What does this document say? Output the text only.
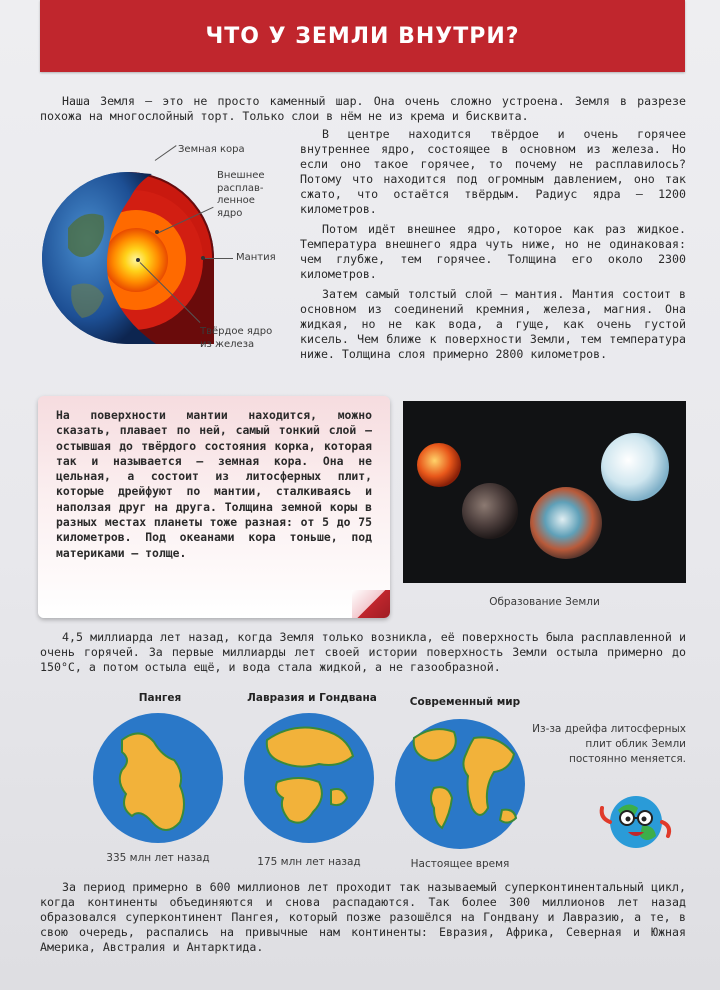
ЧТО У ЗЕМЛИ ВНУТРИ?

Наша Земля — это не просто каменный шар. Она очень сложно устроена. Земля в разрезе похожа на многослойный торт. Только слои в нём не из крема и бисквита.

Земная кора
Внешнее
расплав-
ленное
ядро
Мантия
Твёрдое ядро
из железа

В центре находится твёрдое и очень горячее внутреннее ядро, состоящее в основном из железа. Но если оно такое горячее, то почему не расплавилось? Потому что находится под огромным давлением, оно так сжато, что остаётся твёрдым. Радиус ядра — 1200 километров.

Потом идёт внешнее ядро, которое как раз жидкое. Температура внешнего ядра чуть ниже, но не одинаковая: чем глубже, тем горячее. Толщина его около 2300 километров.

Затем самый толстый слой — мантия. Мантия состоит в основном из соединений кремния, железа, магния. Она жидкая, но не как вода, а гуще, как очень густой кисель. Чем ближе к поверхности Земли, тем температура ниже. Толщина слоя примерно 2800 километров.

На поверхности мантии находится, можно сказать, плавает по ней, самый тонкий слой — остывшая до твёрдого состояния корка, которая так и называется — земная кора. Она не цельная, а состоит из литосферных плит, которые дрейфуют по мантии, сталкиваясь и наползая друг на друга. Толщина земной коры в разных местах планеты тоже разная: от 5 до 75 километров. Под океанами кора тоньше, под материками — толще.

Образование Земли

4,5 миллиарда лет назад, когда Земля только возникла, её поверхность была расплавленной и очень горячей. За первые миллиарды лет своей истории поверхность Земли остыла примерно до 150°С, а потом остыла ещё, и вода стала жидкой, а не газообразной.

Пангея	Лавразия и Гондвана	Современный мир
335 млн лет назад	175 млн лет назад	Настоящее время
Из-за дрейфа литосферных
плит облик Земли
постоянно меняется.

За период примерно в 600 миллионов лет проходит так называемый суперконтинентальный цикл, когда континенты объединяются и снова распадаются. Так более 300 миллионов лет назад образовался суперконтинент Пангея, который позже разошёлся на Гондвану и Лавразию, а те, в свою очередь, распались на привычные нам континенты: Евразия, Африка, Северная и Южная Америка, Австралия и Антарктида.
